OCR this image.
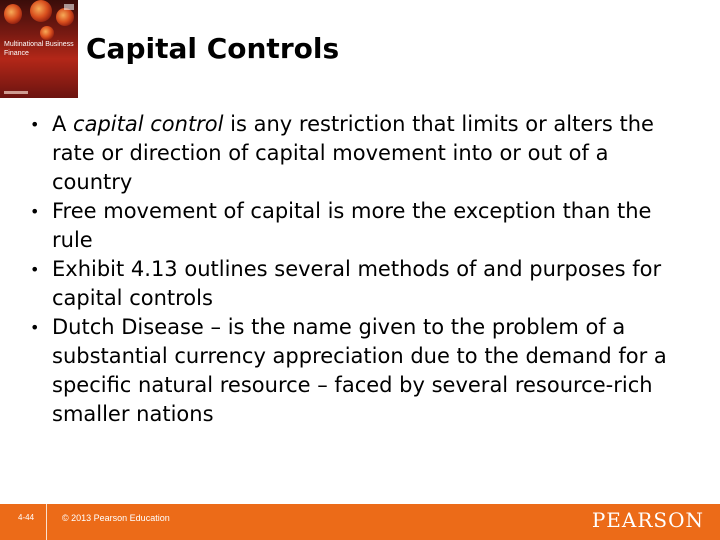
Multinational Business Finance	Capital Controls
• A capital control is any restriction that limits or alters the rate or direction of capital movement into or out of a country
• Free movement of capital is more the exception than the rule
• Exhibit 4.13 outlines several methods of and purposes for capital controls
• Dutch Disease – is the name given to the problem of a substantial currency appreciation due to the demand for a specific natural resource – faced by several resource-rich smaller nations
4-44	© 2013 Pearson Education	PEARSON
